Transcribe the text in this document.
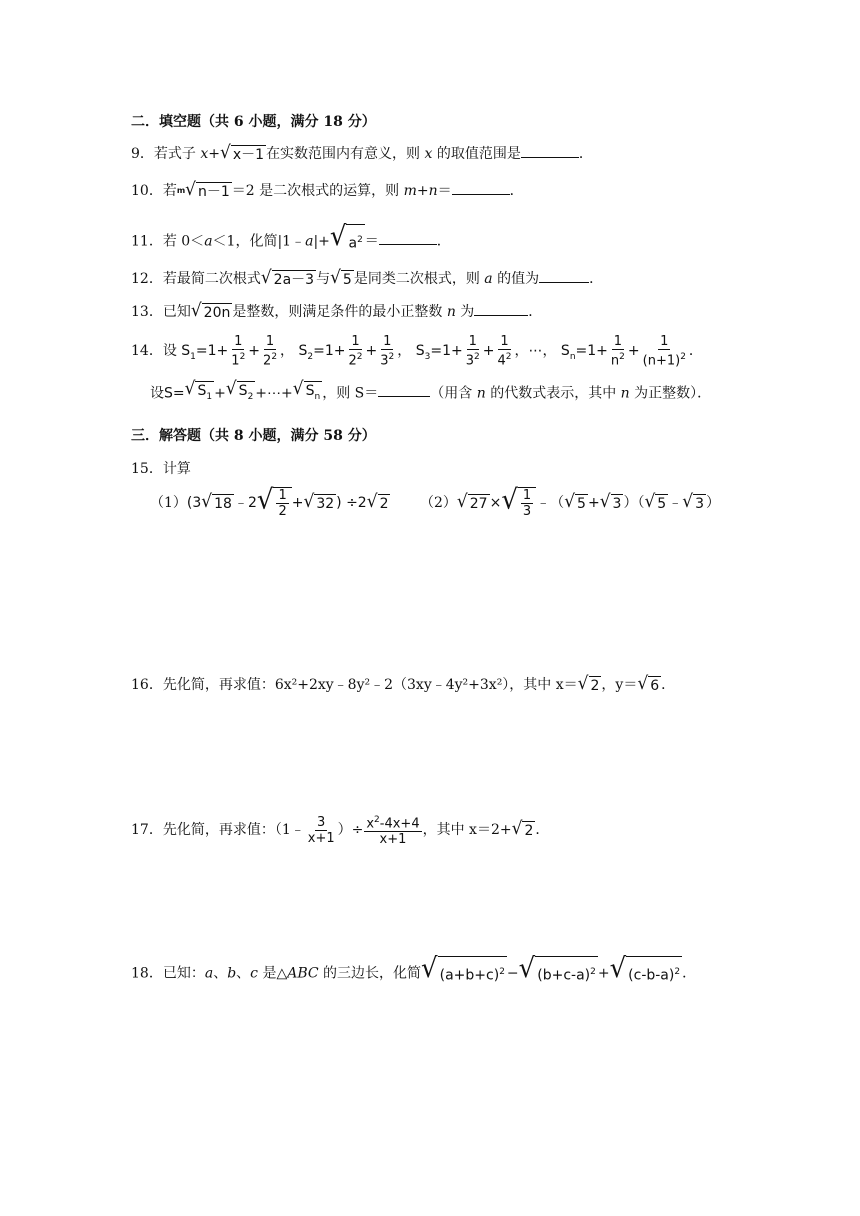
二．填空题（共 6 小题，满分 18 分）
9．若式子 x+ √ x－1 在实数范围内有意义，则 x 的取值范围是	．
10．若$^m$ √ n－1 ＝2 是二次根式的运算，则 m+n＝	．
11．若 0＜a＜1，化简|1﹣a|+ √ $a^2$ ＝	．
12．若最简二次根式 √ 2a－3 与 √ 5 是同类二次根式，则 a 的值为	．
13．已知 √ 20n 是整数，则满足条件的最小正整数 n 为	．
14．设 $S_1=1+ \frac{1}{1^2} + \frac{1}{2^2}$ ， $S_2=1+ \frac{1}{2^2} + \frac{1}{3^2}$ ， $S_3=1+ \frac{1}{3^2} + \frac{1}{4^2}$ ，⋯， $S_n=1+ \frac{1}{n^2} + \frac{1}{(n+1)^2}$ ．
设S= √ $S_1$ + √ $S_2$ +⋯+ √ $S_n$ ，则 S＝	（用含 n 的代数式表示，其中 n 为正整数）．
三．解答题（共 8 小题，满分 58 分）
15．计算
（1）(3 √ 18 ﹣2 √ $\frac{1}{2}$ + √ 32 ) ÷2 √ 2 （2） √ 27 × √ $\frac{1}{3}$ ﹣（ √ 5 + √ 3 ）（ √ 5 ﹣ √ 3 ）
16．先化简，再求值：6x²+2xy﹣8y²﹣2（3xy﹣4y²+3x²），其中 x＝ √ 2 ，y＝ √ 6 ．
17．先化简，再求值：（1﹣ $\frac{3}{x+1}$ ）÷ $\frac{x^2-4x+4}{x+1}$ ，其中 x＝2+ √ 2 ．
18．已知：a、b、c 是△ABC 的三边长，化简 √ $(a+b+c)^2$ − √ $(b+c-a)^2$ + √ $(c-b-a)^2$ ．
